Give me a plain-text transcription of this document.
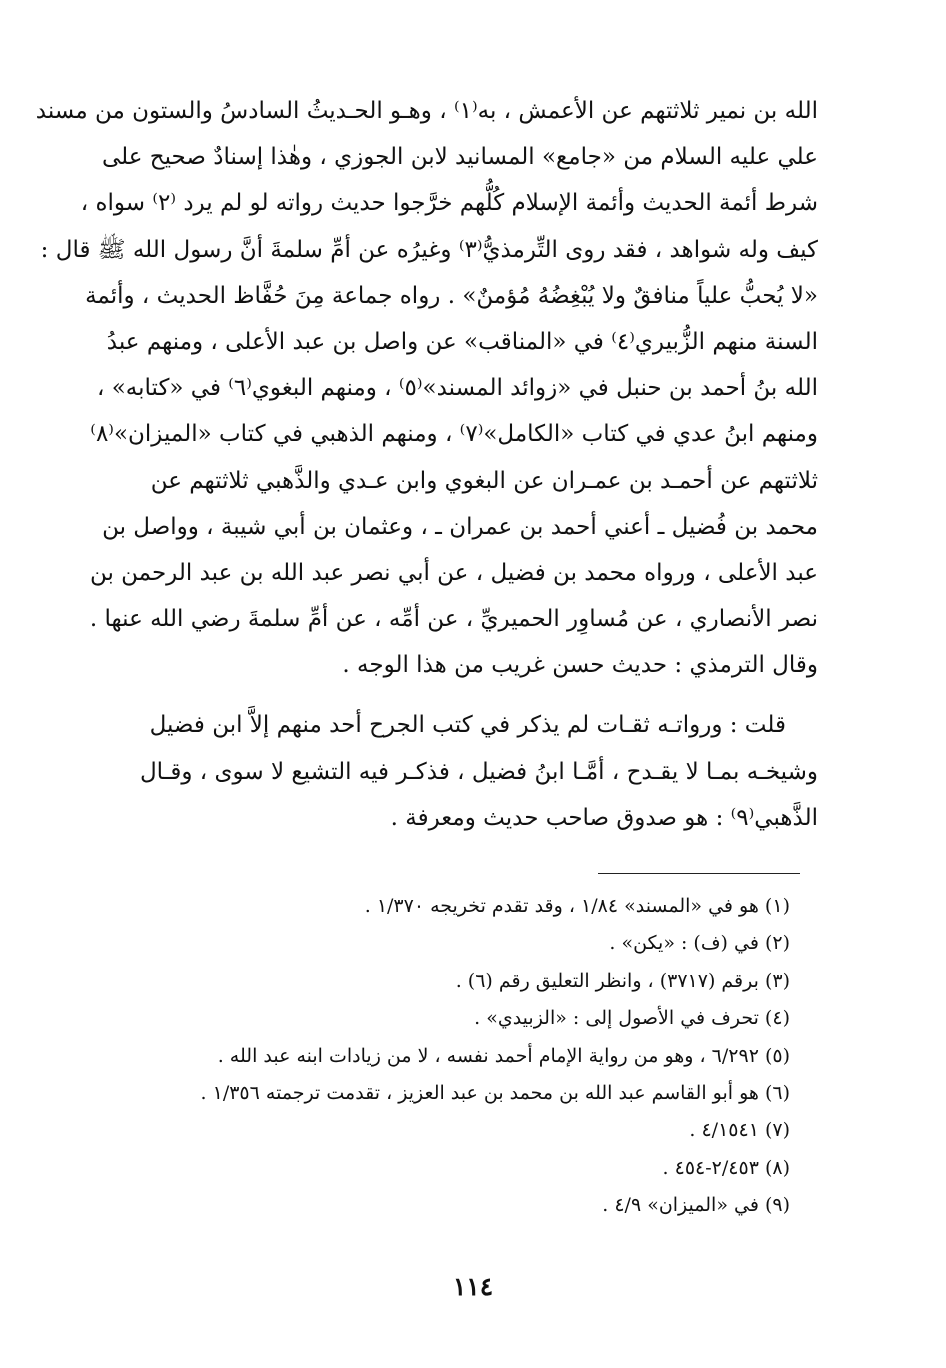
الله بن نمير ثلاثتهم عن الأعمش ، به⁽١⁾ ، وهـو الحـديثُ السادسُ والستون من مسند
علي عليه السلام من «جامع» المسانيد لابن الجوزي ، وهٰذا إسنادٌ صحيح على
شرط أئمة الحديث وأئمة الإسلام كُلُّهم خرَّجوا حديث رواته لو لم يرد ⁽٢⁾ سواه ،
كيف وله شواهد ، فقد روى التِّرمذيُّ⁽٣⁾ وغيرُه عن أمِّ سلمةَ أنَّ رسول الله ﷺ قال :
«لا يُحبُّ علياً منافقٌ ولا يُبْغِضُهُ مُؤمنٌ» . رواه جماعة مِنَ حُفَّاظ الحديث ، وأئمة
السنة منهم الزُّبيري⁽٤⁾ في «المناقب» عن واصل بن عبد الأعلى ، ومنهم عبدُ
الله بنُ أحمد بن حنبل في «زوائد المسند»⁽٥⁾ ، ومنهم البغوي⁽٦⁾ في «كتابه» ،
ومنهم ابنُ عدي في كتاب «الكامل»⁽٧⁾ ، ومنهم الذهبي في كتاب «الميزان»⁽٨⁾
ثلاثتهم عن أحمـد بن عمـران عن البغوي وابن عـدي والذَّهبي ثلاثتهم عن
محمد بن فُضيل ـ أعني أحمد بن عمران ـ ، وعثمان بن أبي شيبة ، وواصل بن
عبد الأعلى ، ورواه محمد بن فضيل ، عن أبي نصر عبد الله بن عبد الرحمن بن
نصر الأنصاري ، عن مُساوِر الحميريِّ ، عن أمِّه ، عن أمِّ سلمةَ رضي الله عنها .
وقال الترمذي : حديث حسن غريب من هذا الوجه .
قلت : ورواتـه ثقـات لم يذكر في كتب الجرح أحد منهم إلاَّ ابن فضيل
وشيخـه بمـا لا يقـدح ، أمَّـا ابنُ فضيل ، فذكـر فيه التشيع لا سوى ، وقـال
الذَّهبي⁽٩⁾ : هو صدوق صاحب حديث ومعرفة .
(١) هو في «المسند» ١/٨٤ ، وقد تقدم تخريجه ١/٣٧٠ .
(٢) في (ف) : «يكن» .
(٣) برقم (٣٧١٧) ، وانظر التعليق رقم (٦) .
(٤) تحرف في الأصول إلى : «الزبيدي» .
(٥) ٦/٢٩٢ ، وهو من رواية الإمام أحمد نفسه ، لا من زيادات ابنه عبد الله .
(٦) هو أبو القاسم عبد الله بن محمد بن عبد العزيز ، تقدمت ترجمته ١/٣٥٦ .
(٧) ٤/١٥٤١ .
(٨) ٢/٤٥٣-٤٥٤ .
(٩) في «الميزان» ٤/٩ .
١١٤
